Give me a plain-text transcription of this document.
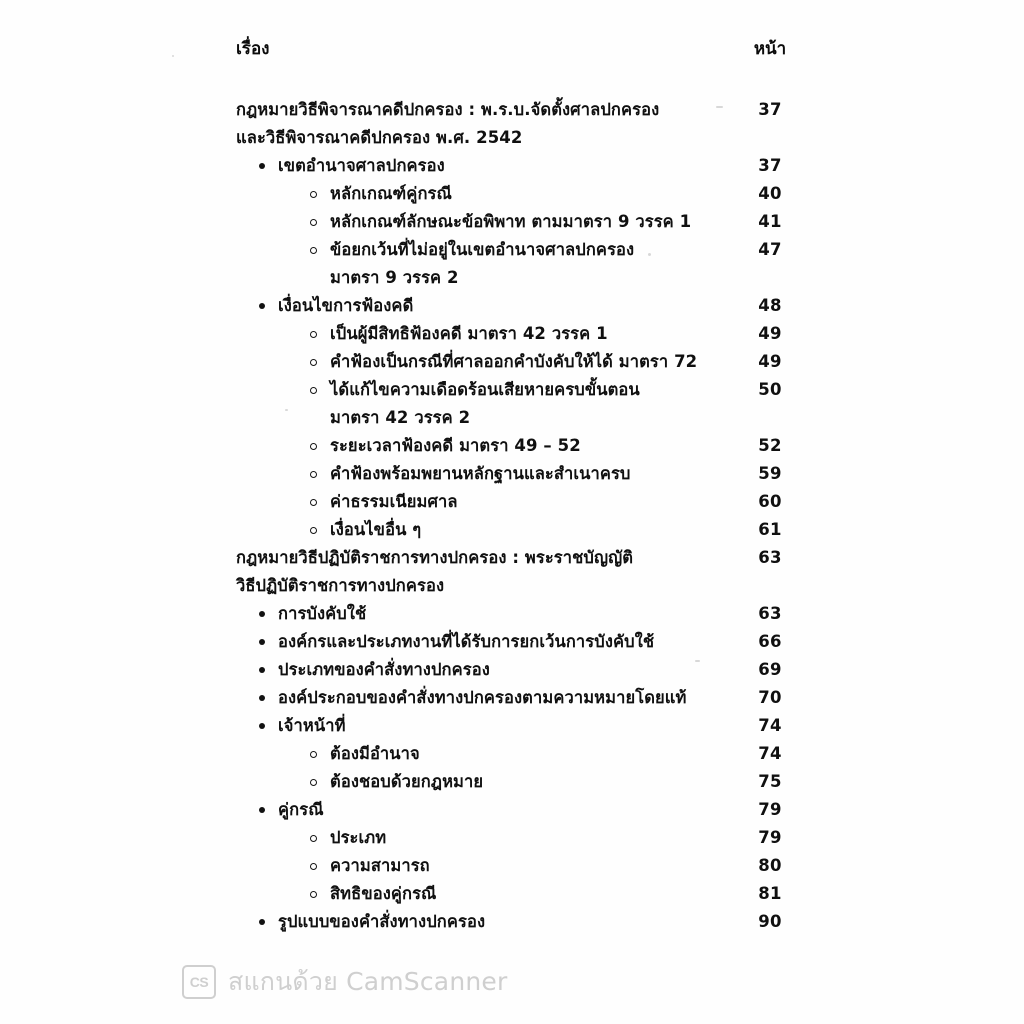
เรื่อง	หน้า
กฎหมายวิธีพิจารณาคดีปกครอง : พ.ร.บ.จัดตั้งศาลปกครอง	37
และวิธีพิจารณาคดีปกครอง พ.ศ. 2542
เขตอำนาจศาลปกครอง	37
หลักเกณฑ์คู่กรณี	40
หลักเกณฑ์ลักษณะข้อพิพาท ตามมาตรา 9 วรรค 1	41
ข้อยกเว้นที่ไม่อยู่ในเขตอำนาจศาลปกครอง	47
มาตรา 9 วรรค 2
เงื่อนไขการฟ้องคดี	48
เป็นผู้มีสิทธิฟ้องคดี มาตรา 42 วรรค 1	49
คำฟ้องเป็นกรณีที่ศาลออกคำบังคับให้ได้ มาตรา 72	49
ได้แก้ไขความเดือดร้อนเสียหายครบขั้นตอน	50
มาตรา 42 วรรค 2
ระยะเวลาฟ้องคดี มาตรา 49 – 52	52
คำฟ้องพร้อมพยานหลักฐานและสำเนาครบ	59
ค่าธรรมเนียมศาล	60
เงื่อนไขอื่น ๆ	61
กฎหมายวิธีปฏิบัติราชการทางปกครอง : พระราชบัญญัติ	63
วิธีปฏิบัติราชการทางปกครอง
การบังคับใช้	63
องค์กรและประเภทงานที่ได้รับการยกเว้นการบังคับใช้	66
ประเภทของคำสั่งทางปกครอง	69
องค์ประกอบของคำสั่งทางปกครองตามความหมายโดยแท้	70
เจ้าหน้าที่	74
ต้องมีอำนาจ	74
ต้องชอบด้วยกฎหมาย	75
คู่กรณี	79
ประเภท	79
ความสามารถ	80
สิทธิของคู่กรณี	81
รูปแบบของคำสั่งทางปกครอง	90
CS สแกนด้วย CamScanner
